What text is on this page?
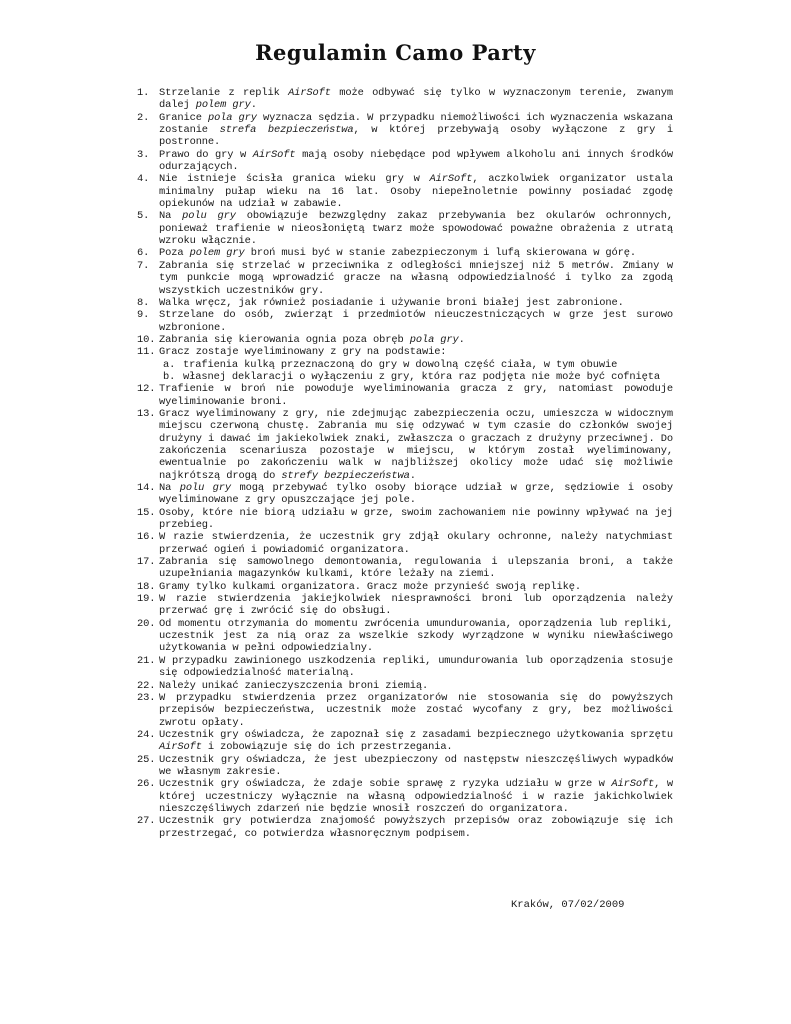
Regulamin Camo Party
1. Strzelanie z replik AirSoft może odbywać się tylko w wyznaczonym terenie, zwanym dalej polem gry.
2. Granice pola gry wyznacza sędzia. W przypadku niemożliwości ich wyznaczenia wskazana zostanie strefa bezpieczeństwa, w której przebywają osoby wyłączone z gry i postronne.
3. Prawo do gry w AirSoft mają osoby niebędące pod wpływem alkoholu ani innych środków odurzających.
4. Nie istnieje ścisła granica wieku gry w AirSoft, aczkolwiek organizator ustala minimalny pułap wieku na 16 lat. Osoby niepełnoletnie powinny posiadać zgodę opiekunów na udział w zabawie.
5. Na polu gry obowiązuje bezwzględny zakaz przebywania bez okularów ochronnych, ponieważ trafienie w nieosłoniętą twarz może spowodować poważne obrażenia z utratą wzroku włącznie.
6. Poza polem gry broń musi być w stanie zabezpieczonym i lufą skierowana w górę.
7. Zabrania się strzelać w przeciwnika z odległości mniejszej niż 5 metrów. Zmiany w tym punkcie mogą wprowadzić gracze na własną odpowiedzialność i tylko za zgodą wszystkich uczestników gry.
8. Walka wręcz, jak również posiadanie i używanie broni białej jest zabronione.
9. Strzelane do osób, zwierząt i przedmiotów nieuczestniczących w grze jest surowo wzbronione.
10. Zabrania się kierowania ognia poza obręb pola gry.
11. Gracz zostaje wyeliminowany z gry na podstawie:
a. trafienia kulką przeznaczoną do gry w dowolną część ciała, w tym obuwie
b. własnej deklaracji o wyłączeniu z gry, która raz podjęta nie może być cofnięta
12. Trafienie w broń nie powoduje wyeliminowania gracza z gry, natomiast powoduje wyeliminowanie broni.
13. Gracz wyeliminowany z gry, nie zdejmując zabezpieczenia oczu, umieszcza w widocznym miejscu czerwoną chustę. Zabrania mu się odzywać w tym czasie do członków swojej drużyny i dawać im jakiekolwiek znaki, zwłaszcza o graczach z drużyny przeciwnej. Do zakończenia scenariusza pozostaje w miejscu, w którym został wyeliminowany, ewentualnie po zakończeniu walk w najbliższej okolicy może udać się możliwie najkrótszą drogą do strefy bezpieczeństwa.
14. Na polu gry mogą przebywać tylko osoby biorące udział w grze, sędziowie i osoby wyeliminowane z gry opuszczające jej pole.
15. Osoby, które nie biorą udziału w grze, swoim zachowaniem nie powinny wpływać na jej przebieg.
16. W razie stwierdzenia, że uczestnik gry zdjął okulary ochronne, należy natychmiast przerwać ogień i powiadomić organizatora.
17. Zabrania się samowolnego demontowania, regulowania i ulepszania broni, a także uzupełniania magazynków kulkami, które leżały na ziemi.
18. Gramy tylko kulkami organizatora. Gracz może przynieść swoją replikę.
19. W razie stwierdzenia jakiejkolwiek niesprawności broni lub oporządzenia należy przerwać grę i zwrócić się do obsługi.
20. Od momentu otrzymania do momentu zwrócenia umundurowania, oporządzenia lub repliki, uczestnik jest za nią oraz za wszelkie szkody wyrządzone w wyniku niewłaściwego użytkowania w pełni odpowiedzialny.
21. W przypadku zawinionego uszkodzenia repliki, umundurowania lub oporządzenia stosuje się odpowiedzialność materialną.
22. Należy unikać zanieczyszczenia broni ziemią.
23. W przypadku stwierdzenia przez organizatorów nie stosowania się do powyższych przepisów bezpieczeństwa, uczestnik może zostać wycofany z gry, bez możliwości zwrotu opłaty.
24. Uczestnik gry oświadcza, że zapoznał się z zasadami bezpiecznego użytkowania sprzętu AirSoft i zobowiązuje się do ich przestrzegania.
25. Uczestnik gry oświadcza, że jest ubezpieczony od następstw nieszczęśliwych wypadków we własnym zakresie.
26. Uczestnik gry oświadcza, że zdaje sobie sprawę z ryzyka udziału w grze w AirSoft, w której uczestniczy wyłącznie na własną odpowiedzialność i w razie jakichkolwiek nieszczęśliwych zdarzeń nie będzie wnosił roszczeń do organizatora.
27. Uczestnik gry potwierdza znajomość powyższych przepisów oraz zobowiązuje się ich przestrzegać, co potwierdza własnoręcznym podpisem.
Kraków, 07/02/2009
